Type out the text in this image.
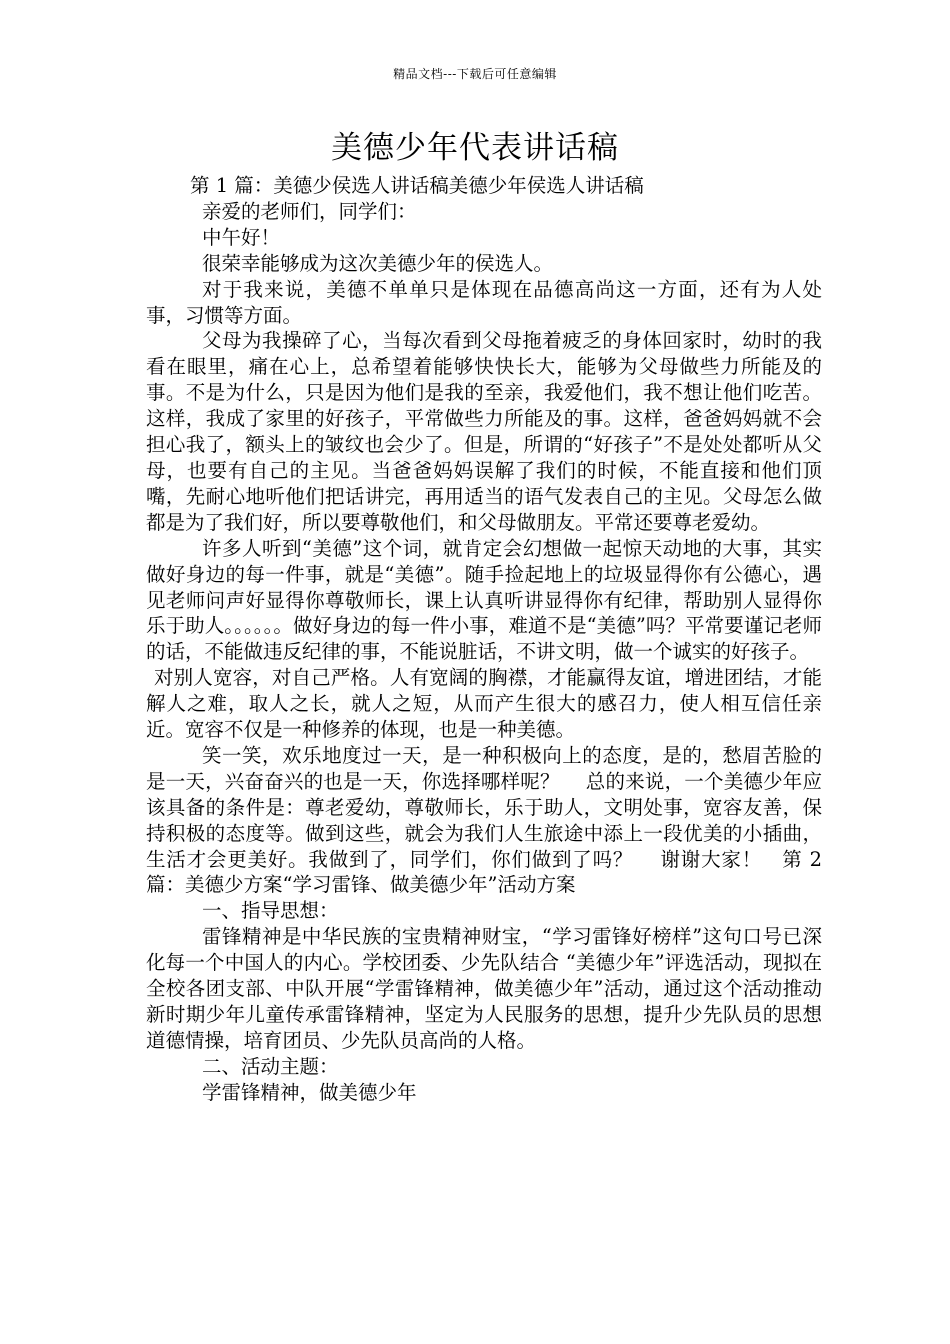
精品文档---下载后可任意编辑
美德少年代表讲话稿

第 1 篇：美德少侯选人讲话稿美德少年侯选人讲话稿

亲爱的老师们，同学们：

中午好！

很荣幸能够成为这次美德少年的侯选人。

对于我来说，美德不单单只是体现在品德高尚这一方面，还有为人处事，习惯等方面。

父母为我操碎了心，当每次看到父母拖着疲乏的身体回家时，幼时的我看在眼里，痛在心上，总希望着能够快快长大，能够为父母做些力所能及的事。不是为什么，只是因为他们是我的至亲，我爱他们，我不想让他们吃苦。这样，我成了家里的好孩子，平常做些力所能及的事。这样，爸爸妈妈就不会担心我了，额头上的皱纹也会少了。但是，所谓的“好孩子”不是处处都听从父母，也要有自己的主见。当爸爸妈妈误解了我们的时候，不能直接和他们顶嘴，先耐心地听他们把话讲完，再用适当的语气发表自己的主见。父母怎么做都是为了我们好，所以要尊敬他们，和父母做朋友。平常还要尊老爱幼。

许多人听到“美德”这个词，就肯定会幻想做一起惊天动地的大事，其实做好身边的每一件事，就是“美德”。随手捡起地上的垃圾显得你有公德心，遇见老师问声好显得你尊敬师长，课上认真听讲显得你有纪律，帮助别人显得你乐于助人。。。。。。做好身边的每一件小事，难道不是“美德”吗？平常要谨记老师的话，不能做违反纪律的事，不能说脏话，不讲文明，做一个诚实的好孩子。

对别人宽容，对自己严格。人有宽阔的胸襟，才能赢得友谊，增进团结，才能解人之难，取人之长，就人之短，从而产生很大的感召力，使人相互信任亲近。宽容不仅是一种修养的体现，也是一种美德。

笑一笑，欢乐地度过一天，是一种积极向上的态度，是的，愁眉苦脸的是一天，兴奋奋兴的也是一天，你选择哪样呢？　 总的来说，一个美德少年应该具备的条件是：尊老爱幼，尊敬师长，乐于助人，文明处事，宽容友善，保持积极的态度等。做到这些，就会为我们人生旅途中添上一段优美的小插曲，生活才会更美好。我做到了，同学们，你们做到了吗？　 谢谢大家！　第 2 篇：美德少方案“学习雷锋、做美德少年”活动方案

一、指导思想：

雷锋精神是中华民族的宝贵精神财宝，“学习雷锋好榜样”这句口号已深化每一个中国人的内心。学校团委、少先队结合 “美德少年”评选活动，现拟在全校各团支部、中队开展“学雷锋精神，做美德少年”活动，通过这个活动推动新时期少年儿童传承雷锋精神，坚定为人民服务的思想，提升少先队员的思想道德情操，培育团员、少先队员高尚的人格。

二、活动主题：

学雷锋精神，做美德少年
